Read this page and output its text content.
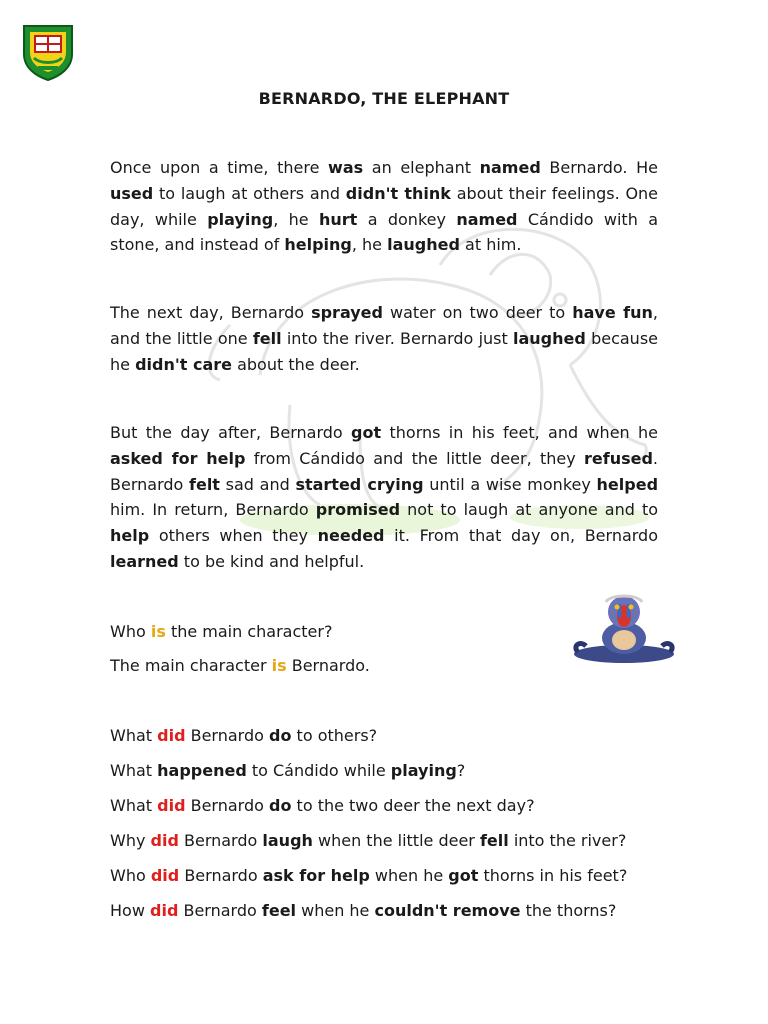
BERNARDO, THE ELEPHANT
Once upon a time, there was an elephant named Bernardo. He used to laugh at others and didn't think about their feelings. One day, while playing, he hurt a donkey named Cándido with a stone, and instead of helping, he laughed at him.
The next day, Bernardo sprayed water on two deer to have fun, and the little one fell into the river. Bernardo just laughed because he didn't care about the deer.
But the day after, Bernardo got thorns in his feet, and when he asked for help from Cándido and the little deer, they refused. Bernardo felt sad and started crying until a wise monkey helped him. In return, Bernardo promised not to laugh at anyone and to help others when they needed it. From that day on, Bernardo learned to be kind and helpful.
Who is the main character?
The main character is Bernardo.
What did Bernardo do to others?
What happened to Cándido while playing?
What did Bernardo do to the two deer the next day?
Why did Bernardo laugh when the little deer fell into the river?
Who did Bernardo ask for help when he got thorns in his feet?
How did Bernardo feel when he couldn't remove the thorns?
